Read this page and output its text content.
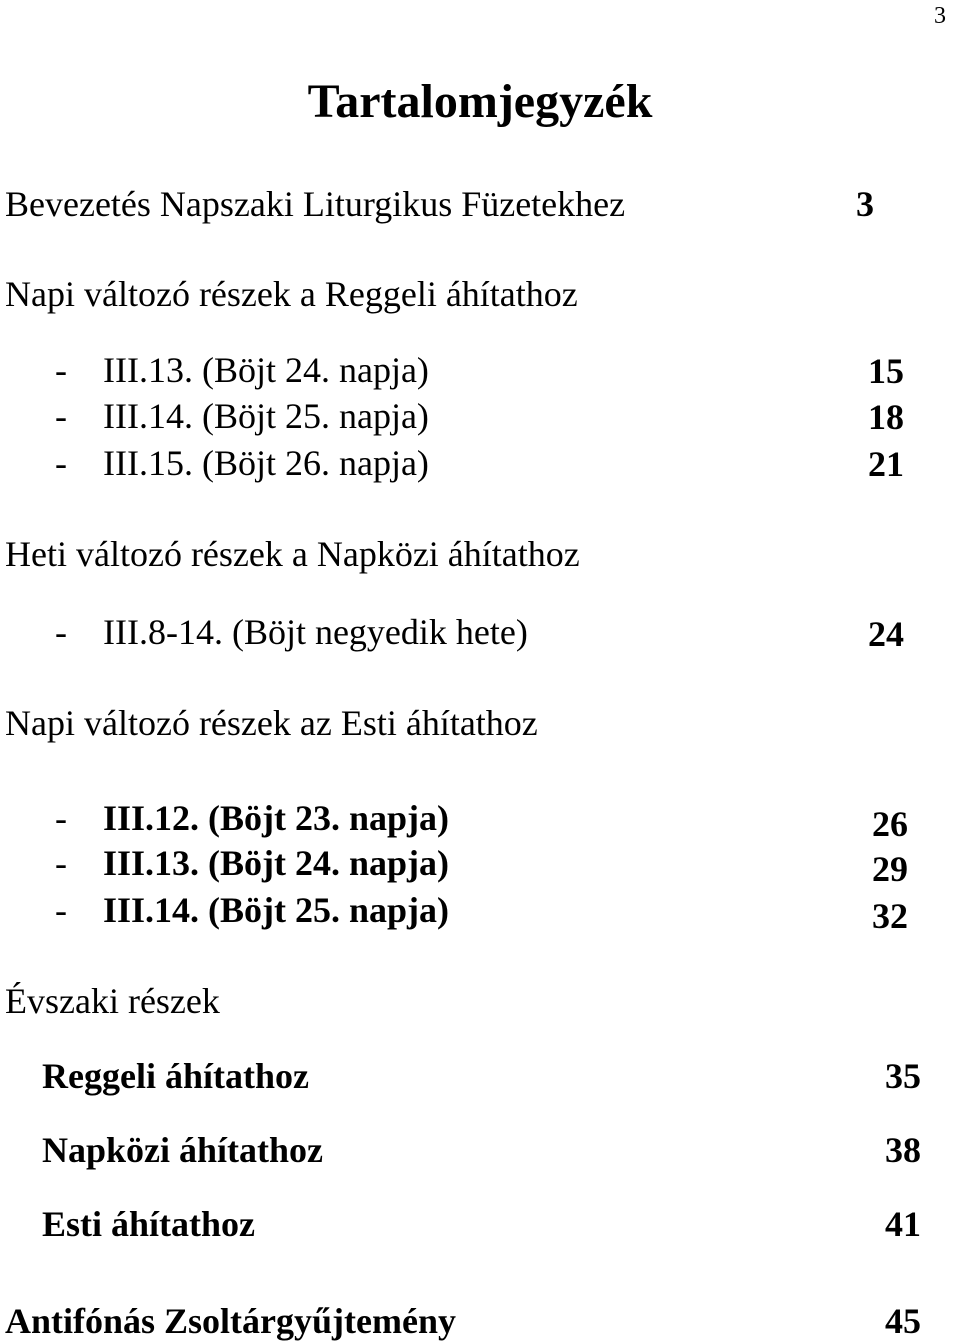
3
Tartalomjegyzék
Bevezetés Napszaki Liturgikus Füzetekhez	3
Napi változó részek a Reggeli áhítathoz
- III.13. (Böjt 24. napja)	15
- III.14. (Böjt 25. napja)	18
- III.15. (Böjt 26. napja)	21
Heti változó részek a Napközi áhítathoz
- III.8-14. (Böjt negyedik hete)	24
Napi változó részek az Esti áhítathoz
- III.12. (Böjt 23. napja)	26
- III.13. (Böjt 24. napja)	29
- III.14. (Böjt 25. napja)	32
Évszaki részek
Reggeli áhítathoz	35
Napközi áhítathoz	38
Esti áhítathoz	41
Antifónás Zsoltárgyűjtemény	45
